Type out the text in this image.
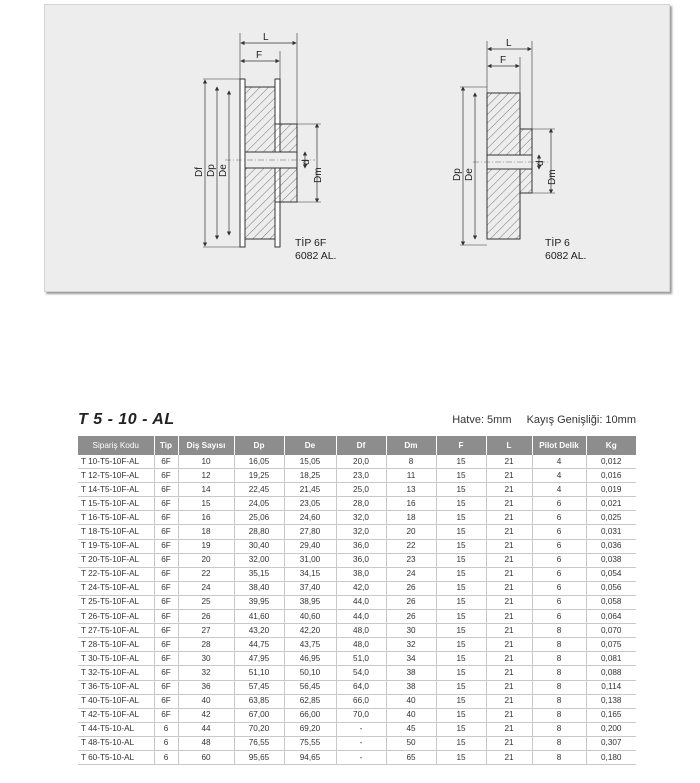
L
F
Df Dp De
d
Dm
L
F
Dp De
d
Dm
TİP 6F
6082 AL.
TİP 6
6082 AL.
T 5 - 10 - AL	Hatve: 5mm Kayış Genişliği: 10mm
Sipariş Kodu	Tip	Diş Sayısı	Dp	De	Df	Dm	F	L	Pilot Delik	Kg
T 10-T5-10F-AL	6F	10	16,05	15,05	20,0	8	15	21	4	0,012
T 12-T5-10F-AL	6F	12	19,25	18,25	23,0	11	15	21	4	0,016
T 14-T5-10F-AL	6F	14	22,45	21,45	25,0	13	15	21	4	0,019
T 15-T5-10F-AL	6F	15	24,05	23,05	28,0	16	15	21	6	0,021
T 16-T5-10F-AL	6F	16	25,06	24,60	32,0	18	15	21	6	0,025
T 18-T5-10F-AL	6F	18	28,80	27,80	32,0	20	15	21	6	0,031
T 19-T5-10F-AL	6F	19	30,40	29,40	36,0	22	15	21	6	0,036
T 20-T5-10F-AL	6F	20	32,00	31,00	36,0	23	15	21	6	0,038
T 22-T5-10F-AL	6F	22	35,15	34,15	38,0	24	15	21	6	0,054
T 24-T5-10F-AL	6F	24	38,40	37,40	42,0	26	15	21	6	0,056
T 25-T5-10F-AL	6F	25	39,95	38,95	44,0	26	15	21	6	0,058
T 26-T5-10F-AL	6F	26	41,60	40,60	44,0	26	15	21	6	0,064
T 27-T5-10F-AL	6F	27	43,20	42,20	48,0	30	15	21	8	0,070
T 28-T5-10F-AL	6F	28	44,75	43,75	48,0	32	15	21	8	0,075
T 30-T5-10F-AL	6F	30	47,95	46,95	51,0	34	15	21	8	0,081
T 32-T5-10F-AL	6F	32	51,10	50,10	54,0	38	15	21	8	0,088
T 36-T5-10F-AL	6F	36	57,45	56,45	64,0	38	15	21	8	0,114
T 40-T5-10F-AL	6F	40	63,85	62,85	66,0	40	15	21	8	0,138
T 42-T5-10F-AL	6F	42	67,00	66,00	70,0	40	15	21	8	0,165
T 44-T5-10-AL	6	44	70,20	69,20	-	45	15	21	8	0,200
T 48-T5-10-AL	6	48	76,55	75,55	-	50	15	21	8	0,307
T 60-T5-10-AL	6	60	95,65	94,65	-	65	15	21	8	0,180
